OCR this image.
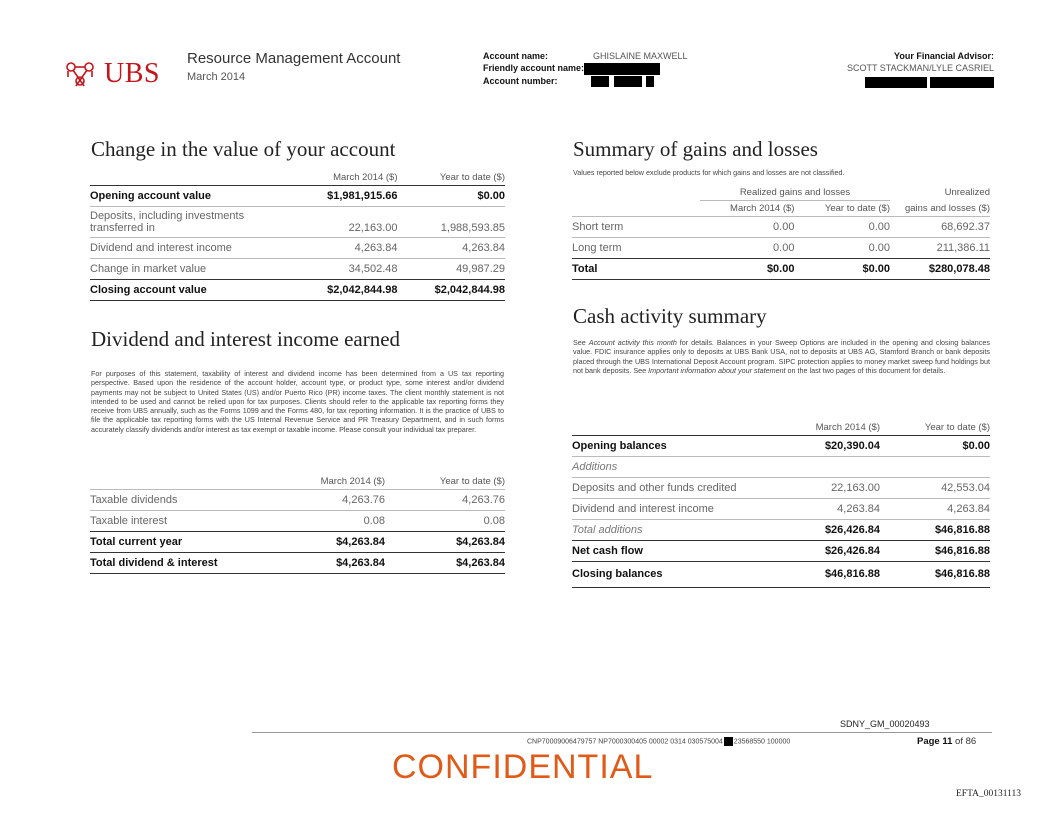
UBS Resource Management Account
March 2014
Account name:	GHISLAINE MAXWELL
Friendly account name:
Account number:
Your Financial Advisor:
SCOTT STACKMAN/LYLE CASRIEL
Change in the value of your account
	March 2014 ($)	Year to date ($)
Opening account value	$1,981,915.66	$0.00
Deposits, including investments transferred in	22,163.00	1,988,593.85
Dividend and interest income	4,263.84	4,263.84
Change in market value	34,502.48	49,987.29
Closing account value	$2,042,844.98	$2,042,844.98
Dividend and interest income earned
For purposes of this statement, taxability of interest and dividend income has been determined from a US tax reporting perspective. Based upon the residence of the account holder, account type, or product type, some interest and/or dividend payments may not be subject to United States (US) and/or Puerto Rico (PR) income taxes. The client monthly statement is not intended to be used and cannot be relied upon for tax purposes. Clients should refer to the applicable tax reporting forms they receive from UBS annually, such as the Forms 1099 and the Forms 480, for tax reporting information. It is the practice of UBS to file the applicable tax reporting forms with the US Internal Revenue Service and PR Treasury Department, and in such forms accurately classify dividends and/or interest as tax exempt or taxable income. Please consult your individual tax preparer.
	March 2014 ($)	Year to date ($)
Taxable dividends	4,263.76	4,263.76
Taxable interest	0.08	0.08
Total current year	$4,263.84	$4,263.84
Total dividend & interest	$4,263.84	$4,263.84
Summary of gains and losses
Values reported below exclude products for which gains and losses are not classified.
	Realized gains and losses		Unrealized
	March 2014 ($)	Year to date ($)	gains and losses ($)
Short term	0.00	0.00	68,692.37
Long term	0.00	0.00	211,386.11
Total	$0.00	$0.00	$280,078.48
Cash activity summary
See Account activity this month for details. Balances in your Sweep Options are included in the opening and closing balances value. FDIC insurance applies only to deposits at UBS Bank USA, not to deposits at UBS AG, Stamford Branch or bank deposits placed through the UBS International Deposit Account program. SIPC protection applies to money market sweep fund holdings but not bank deposits. See Important information about your statement on the last two pages of this document for details.
	March 2014 ($)	Year to date ($)
Opening balances	$20,390.04	$0.00
Additions		
Deposits and other funds credited	22,163.00	42,553.04
Dividend and interest income	4,263.84	4,263.84
Total additions	$26,426.84	$46,816.88
Net cash flow	$26,426.84	$46,816.88
Closing balances	$46,816.88	$46,816.88
SDNY_GM_00020493
CNP70009006479757 NP7000300405 00002 0314 030575004 23568550 100000	Page 11 of 86
CONFIDENTIAL
EFTA_00131113
